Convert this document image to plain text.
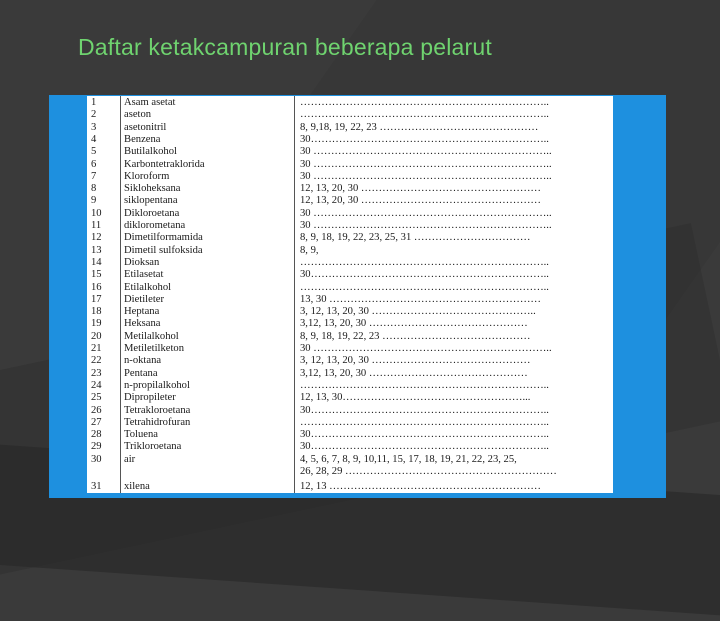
Daftar ketakcampuran beberapa pelarut
1	Asam asetat	……………………………………………………………..
2	aseton	……………………………………………………………..
3	asetonitril	8, 9,18, 19, 22, 23 ………………………………………
4	Benzena	30…………………………………………………………..
5	Butilalkohol	30 …………………………………………………………..
6	Karbontetraklorida	30 …………………………………………………………..
7	Kloroform	30 …………………………………………………………..
8	Sikloheksana	12, 13, 20, 30 ……………………………………………
9	siklopentana	12, 13, 20, 30 ……………………………………………
10	Dikloroetana	30 …………………………………………………………..
11	diklorometana	30 …………………………………………………………..
12	Dimetilformamida	8, 9, 18, 19, 22, 23, 25, 31 ……………………………
13	Dimetil sulfoksida	8, 9,
14	Dioksan	……………………………………………………………..
15	Etilasetat	30…………………………………………………………..
16	Etilalkohol	……………………………………………………………..
17	Dietileter	13, 30 ……………………………………………………
18	Heptana	3, 12, 13, 20, 30 ………………………………………..
19	Heksana	3,12, 13, 20, 30 ………………………………………
20	Metilalkohol	8, 9, 18, 19, 22, 23 ……………………………………
21	Metiletilketon	30 …………………………………………………………..
22	n-oktana	3, 12, 13, 20, 30 ………………………………………
23	Pentana	3,12, 13, 20, 30 ………………………………………
24	n-propilalkohol	……………………………………………………………..
25	Dipropileter	12, 13, 30……………………………………………...
26	Tetrakloroetana	30…………………………………………………………..
27	Tetrahidrofuran	……………………………………………………………..
28	Toluena	30…………………………………………………………..
29	Trikloroetana	30…………………………………………………………..
30	air	4, 5, 6, 7, 8, 9, 10,11, 15, 17, 18, 19, 21, 22, 23, 25,
26, 28, 29 ……………………………………………………
31	xilena	12, 13 ……………………………………………………
